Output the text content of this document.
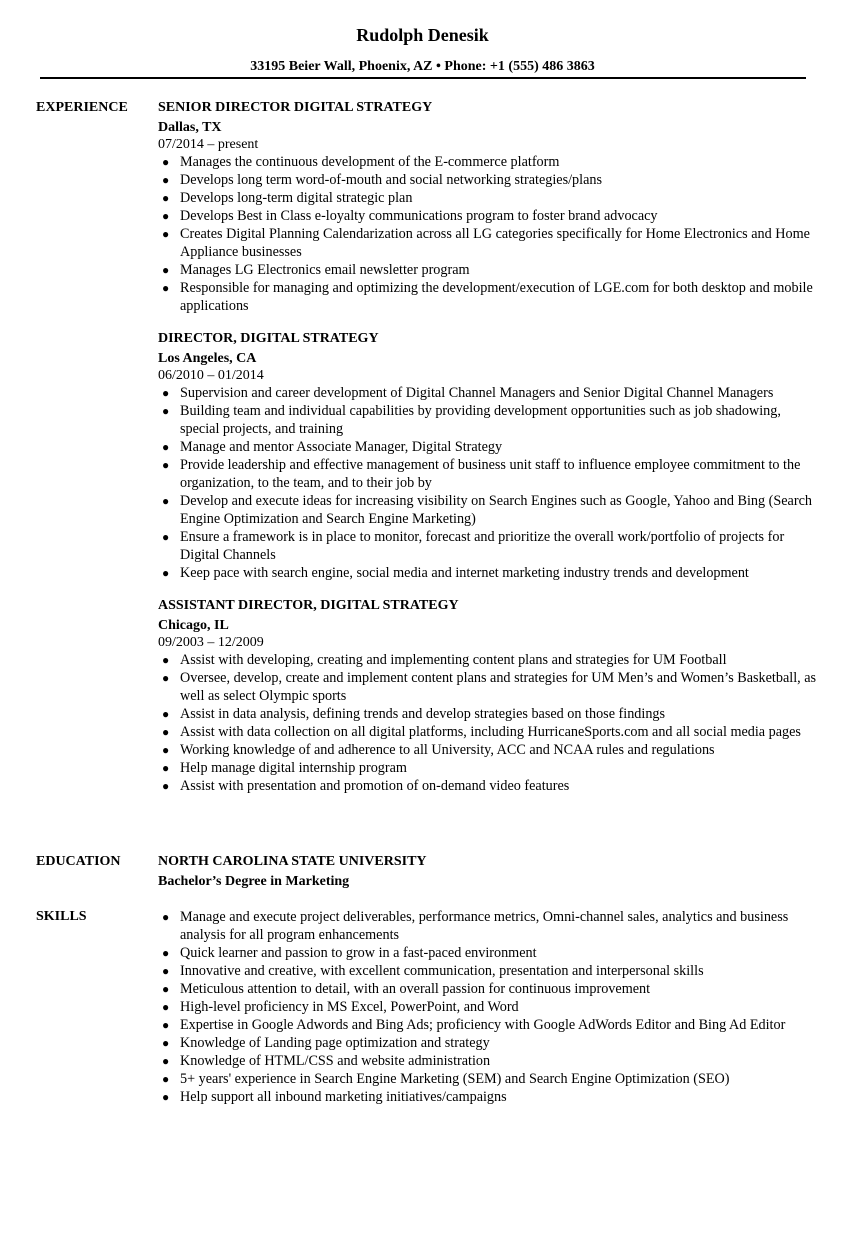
Rudolph Denesik
33195 Beier Wall, Phoenix, AZ • Phone: +1 (555) 486 3863
EXPERIENCE SENIOR DIRECTOR DIGITAL STRATEGY
Dallas, TX
07/2014 – present
● Manages the continuous development of the E-commerce platform
● Develops long term word-of-mouth and social networking strategies/plans
● Develops long-term digital strategic plan
● Develops Best in Class e-loyalty communications program to foster brand advocacy
● Creates Digital Planning Calendarization across all LG categories specifically for Home Electronics and Home Appliance businesses
● Manages LG Electronics email newsletter program
● Responsible for managing and optimizing the development/execution of LGE.com for both desktop and mobile applications
DIRECTOR, DIGITAL STRATEGY
Los Angeles, CA
06/2010 – 01/2014
● Supervision and career development of Digital Channel Managers and Senior Digital Channel Managers
● Building team and individual capabilities by providing development opportunities such as job shadowing, special projects, and training
● Manage and mentor Associate Manager, Digital Strategy
● Provide leadership and effective management of business unit staff to influence employee commitment to the organization, to the team, and to their job by
● Develop and execute ideas for increasing visibility on Search Engines such as Google, Yahoo and Bing (Search Engine Optimization and Search Engine Marketing)
● Ensure a framework is in place to monitor, forecast and prioritize the overall work/portfolio of projects for Digital Channels
● Keep pace with search engine, social media and internet marketing industry trends and development
ASSISTANT DIRECTOR, DIGITAL STRATEGY
Chicago, IL
09/2003 – 12/2009
● Assist with developing, creating and implementing content plans and strategies for UM Football
● Oversee, develop, create and implement content plans and strategies for UM Men’s and Women’s Basketball, as well as select Olympic sports
● Assist in data analysis, defining trends and develop strategies based on those findings
● Assist with data collection on all digital platforms, including HurricaneSports.com and all social media pages
● Working knowledge of and adherence to all University, ACC and NCAA rules and regulations
● Help manage digital internship program
● Assist with presentation and promotion of on-demand video features
EDUCATION	NORTH CAROLINA STATE UNIVERSITY
Bachelor’s Degree in Marketing
SKILLS	● Manage and execute project deliverables, performance metrics, Omni-channel sales, analytics and business analysis for all program enhancements
● Quick learner and passion to grow in a fast-paced environment
● Innovative and creative, with excellent communication, presentation and interpersonal skills
● Meticulous attention to detail, with an overall passion for continuous improvement
● High-level proficiency in MS Excel, PowerPoint, and Word
● Expertise in Google Adwords and Bing Ads; proficiency with Google AdWords Editor and Bing Ad Editor
● Knowledge of Landing page optimization and strategy
● Knowledge of HTML/CSS and website administration
● 5+ years' experience in Search Engine Marketing (SEM) and Search Engine Optimization (SEO)
● Help support all inbound marketing initiatives/campaigns
